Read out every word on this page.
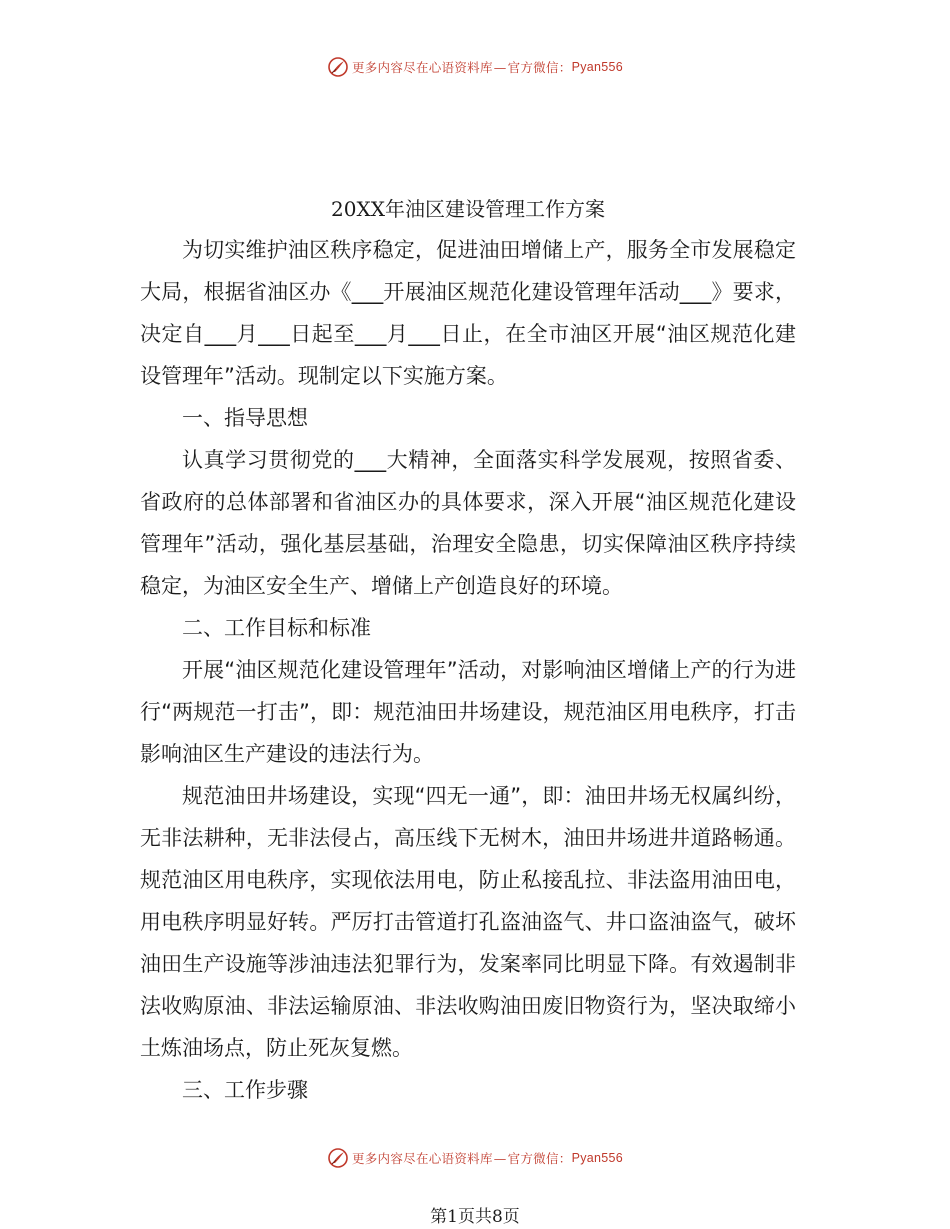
更多内容尽在心语资料库 — 官方微信： Pyan556
20XX年油区建设管理工作方案

为切实维护油区秩序稳定，促进油田增储上产，服务全市发展稳定大局，根据省油区办《___开展油区规范化建设管理年活动___》要求，决定自___月___日起至___月___日止，在全市油区开展“油区规范化建设管理年”活动。现制定以下实施方案。

一、指导思想

认真学习贯彻党的___大精神，全面落实科学发展观，按照省委、省政府的总体部署和省油区办的具体要求，深入开展“油区规范化建设管理年”活动，强化基层基础，治理安全隐患，切实保障油区秩序持续稳定，为油区安全生产、增储上产创造良好的环境。

二、工作目标和标准

开展“油区规范化建设管理年”活动，对影响油区增储上产的行为进行“两规范一打击”，即：规范油田井场建设，规范油区用电秩序，打击影响油区生产建设的违法行为。

规范油田井场建设，实现“四无一通”，即：油田井场无权属纠纷，无非法耕种，无非法侵占，高压线下无树木，油田井场进井道路畅通。规范油区用电秩序，实现依法用电，防止私接乱拉、非法盗用油田电，用电秩序明显好转。严厉打击管道打孔盗油盗气、井口盗油盗气，破坏油田生产设施等涉油违法犯罪行为，发案率同比明显下降。有效遏制非法收购原油、非法运输原油、非法收购油田废旧物资行为，坚决取缔小土炼油场点，防止死灰复燃。

三、工作步骤

更多内容尽在心语资料库 — 官方微信： Pyan556
第1页共8页
